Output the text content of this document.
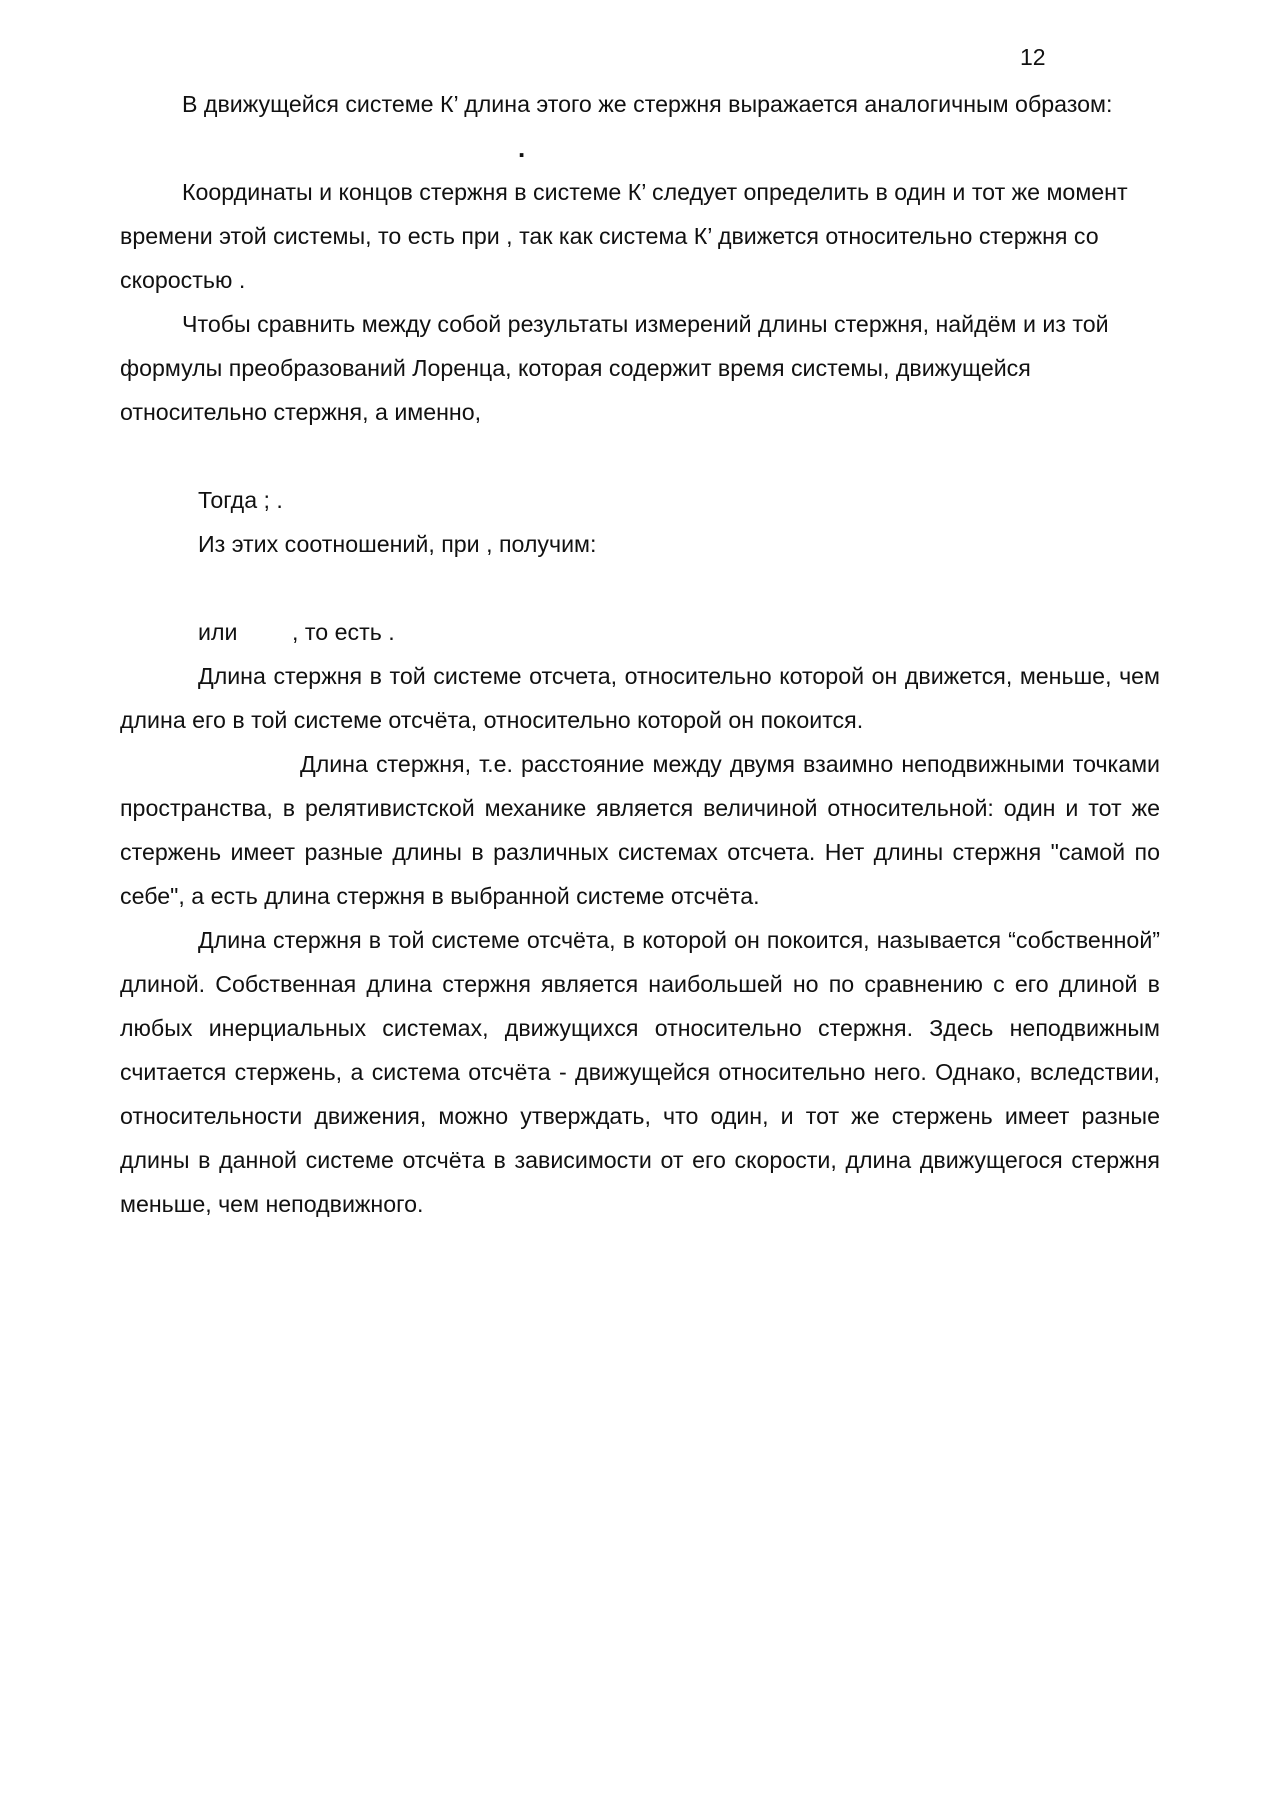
12

В движущейся системе К’ длина этого же стержня выражается аналогичным образом:

.

Координаты и концов стержня в системе К’ следует определить в один и тот же момент времени этой системы, то есть при , так как система К’ движется относительно стержня со скоростью .

Чтобы сравнить между собой результаты измерений длины стержня, найдём и из той формулы преобразований Лоренца, которая содержит время системы, движущейся относительно стержня, а именно,

Тогда ; .

Из этих соотношений, при , получим:

или , то есть .

Длина стержня в той системе отсчета, относительно которой он движется, меньше, чем длина его в той системе отсчёта, относительно которой он покоится.

Длина стержня, т.е. расстояние между двумя взаимно неподвижными точками пространства, в релятивистской механике является величиной относительной: один и тот же стержень имеет разные длины в различных системах отсчета. Нет длины стержня "самой по себе", а есть длина стержня в выбранной системе отсчёта.

Длина стержня в той системе отсчёта, в которой он покоится, называется “собственной” длиной. Собственная длина стержня является наибольшей но по сравнению с его длиной в любых инерциальных системах, движущихся относительно стержня. Здесь неподвижным считается стержень, а система отсчёта - движущейся относительно него. Однако, вследствии, относительности движения, можно утверждать, что один, и тот же стержень имеет разные длины в данной системе отсчёта в зависимости от его скорости, длина движущегося стержня меньше, чем неподвижного.
